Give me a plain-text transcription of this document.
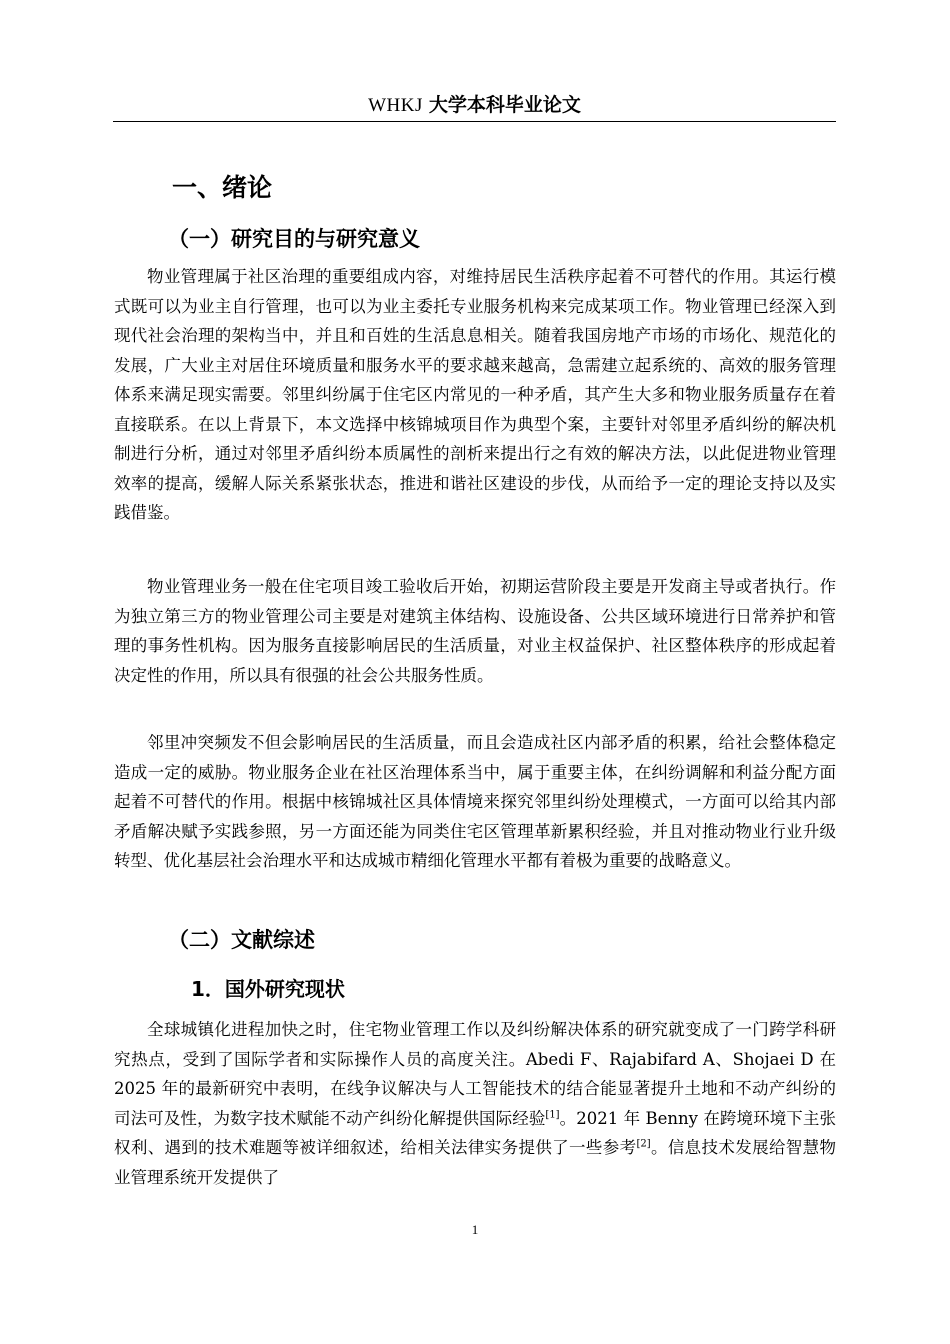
WHKJ 大学本科毕业论文
一、绪论
（一）研究目的与研究意义

物业管理属于社区治理的重要组成内容，对维持居民生活秩序起着不可替代的作用。其运行模式既可以为业主自行管理，也可以为业主委托专业服务机构来完成某项工作。物业管理已经深入到现代社会治理的架构当中，并且和百姓的生活息息相关。随着我国房地产市场的市场化、规范化的发展，广大业主对居住环境质量和服务水平的要求越来越高，急需建立起系统的、高效的服务管理体系来满足现实需要。邻里纠纷属于住宅区内常见的一种矛盾，其产生大多和物业服务质量存在着直接联系。在以上背景下，本文选择中核锦城项目作为典型个案，主要针对邻里矛盾纠纷的解决机制进行分析，通过对邻里矛盾纠纷本质属性的剖析来提出行之有效的解决方法，以此促进物业管理效率的提高，缓解人际关系紧张状态，推进和谐社区建设的步伐，从而给予一定的理论支持以及实践借鉴。

物业管理业务一般在住宅项目竣工验收后开始，初期运营阶段主要是开发商主导或者执行。作为独立第三方的物业管理公司主要是对建筑主体结构、设施设备、公共区域环境进行日常养护和管理的事务性机构。因为服务直接影响居民的生活质量，对业主权益保护、社区整体秩序的形成起着决定性的作用，所以具有很强的社会公共服务性质。

邻里冲突频发不但会影响居民的生活质量，而且会造成社区内部矛盾的积累，给社会整体稳定造成一定的威胁。物业服务企业在社区治理体系当中，属于重要主体，在纠纷调解和利益分配方面起着不可替代的作用。根据中核锦城社区具体情境来探究邻里纠纷处理模式，一方面可以给其内部矛盾解决赋予实践参照，另一方面还能为同类住宅区管理革新累积经验，并且对推动物业行业升级转型、优化基层社会治理水平和达成城市精细化管理水平都有着极为重要的战略意义。

（二）文献综述
1．国外研究现状

全球城镇化进程加快之时，住宅物业管理工作以及纠纷解决体系的研究就变成了一门跨学科研究热点，受到了国际学者和实际操作人员的高度关注。Abedi F、Rajabifard A、Shojaei D 在 2025 年的最新研究中表明，在线争议解决与人工智能技术的结合能显著提升土地和不动产纠纷的司法可及性，为数字技术赋能不动产纠纷化解提供国际经验[1]。2021 年 Benny 在跨境环境下主张权利、遇到的技术难题等被详细叙述，给相关法律实务提供了一些参考[2]。信息技术发展给智慧物业管理系统开发提供了

1
